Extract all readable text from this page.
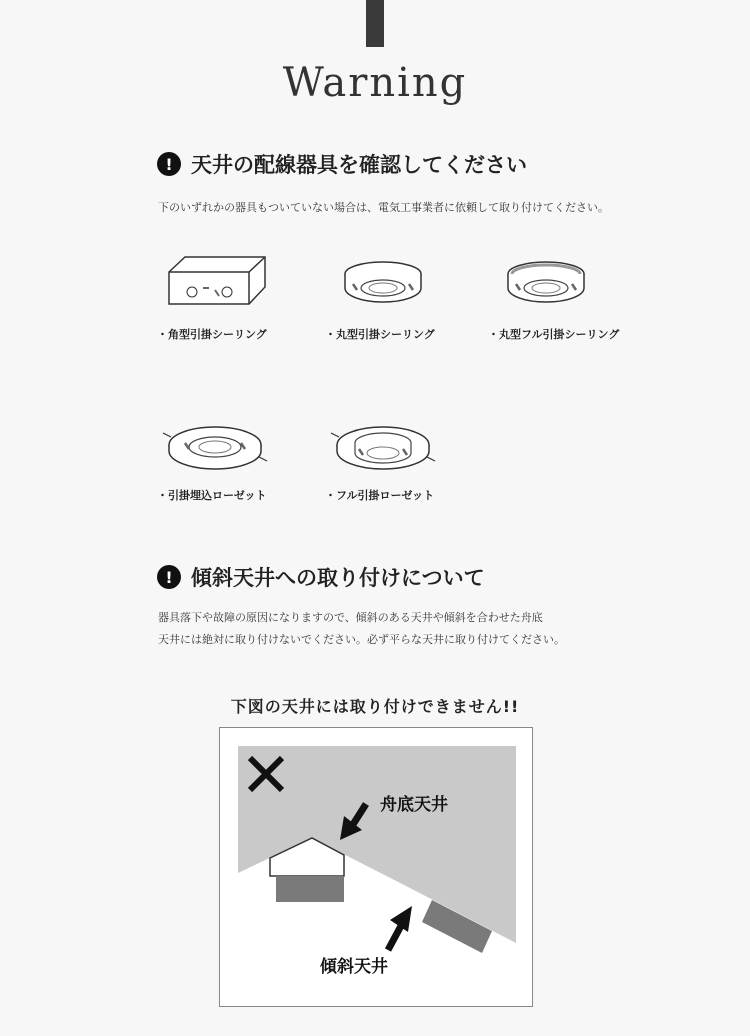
Warning
! 天井の配線器具を確認してください
下のいずれかの器具もついていない場合は、電気工事業者に依頼して取り付けてください。
・角型引掛シーリング	・丸型引掛シーリング	・丸型フル引掛シーリング
・引掛埋込ローゼット	・フル引掛ローゼット
! 傾斜天井への取り付けについて
器具落下や故障の原因になりますので、傾斜のある天井や傾斜を合わせた舟底
天井には絶対に取り付けないでください。必ず平らな天井に取り付けてください。
下図の天井には取り付けできません!!
舟底天井
傾斜天井
